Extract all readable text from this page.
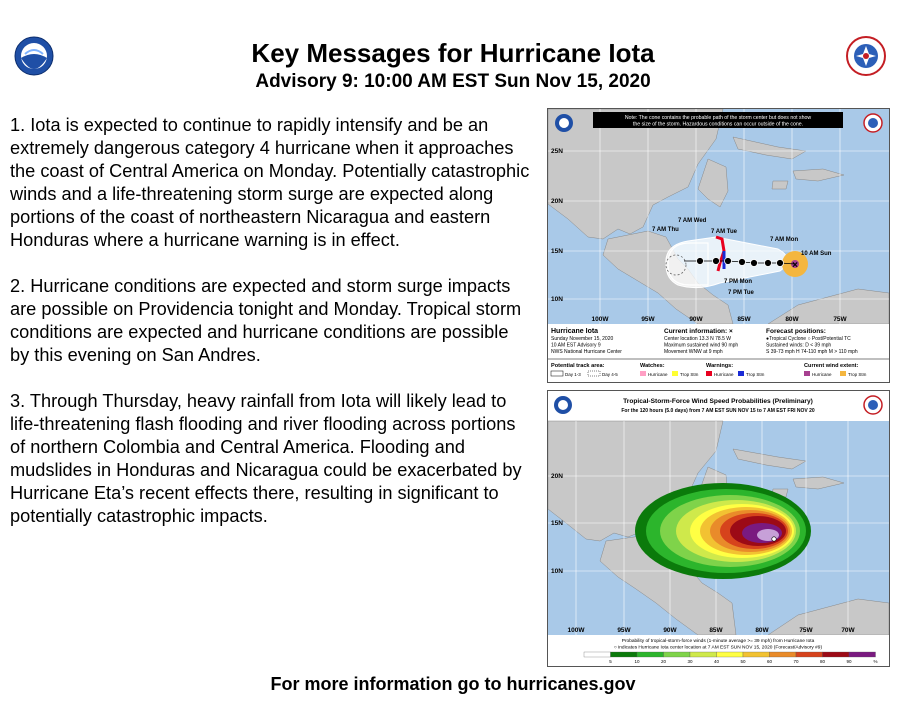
Key Messages for Hurricane Iota
Advisory 9: 10:00 AM EST Sun Nov 15, 2020

1. Iota is expected to continue to rapidly intensify and be an extremely dangerous category 4 hurricane when it approaches the coast of Central America on Monday. Potentially catastrophic winds and a life-threatening storm surge are expected along portions of the coast of northeastern Nicaragua and eastern Honduras where a hurricane warning is in effect.

2. Hurricane conditions are expected and storm surge impacts are possible on Providencia tonight and Monday. Tropical storm conditions are expected and hurricane conditions are possible by this evening on San Andres.

3. Through Thursday, heavy rainfall from Iota will likely lead to life-threatening flash flooding and river flooding across portions of northern Colombia and Central America. Flooding and mudslides in Honduras and Nicaragua could be exacerbated by Hurricane Eta’s recent effects there, resulting in significant to potentially catastrophic impacts.

×
Note: The cone contains the probable path of the storm center but does not show
the size of the storm. Hazardous conditions can occur outside of the cone.
25N
20N
15N
10N
100W	95W	90W	85W	80W	75W
7 AM Wed
7 AM Thu	7 AM Tue
7 AM Mon
10 AM Sun
7 PM Mon
7 PM Tue
Hurricane Iota
Sunday November 15, 2020
10 AM EST Advisory 9
NWS National Hurricane Center
Current information: ×
Center location 13.3 N 78.5 W
Maximum sustained wind 90 mph
Movement WNW at 9 mph
Forecast positions:
●Tropical Cyclone ○ Post/Potential TC
Sustained winds: D < 39 mph
S 39-73 mph H 74-110 mph M > 110 mph
Potential track area:
Day 1-3	Day 4-5
Watches:
Hurricane	Trop Stm
Warnings:
Hurricane	Trop Stm
Current wind extent:
Hurricane	Trop Stm
Tropical-Storm-Force Wind Speed Probabilities (Preliminary)
For the 120 hours (5.0 days) from 7 AM EST SUN NOV 15 to 7 AM EST FRI NOV 20
20N
15N
10N
100W	95W	90W	85W	80W	75W	70W
Probability of tropical-storm-force winds (1-minute average >= 39 mph) from Hurricane Iota
○ indicates Hurricane Iota center location at 7 AM EST SUN NOV 15, 2020 (Forecast/Advisory #9)
5	10	20	30	40	50	60	70	80	90	%
For more information go to hurricanes.gov
